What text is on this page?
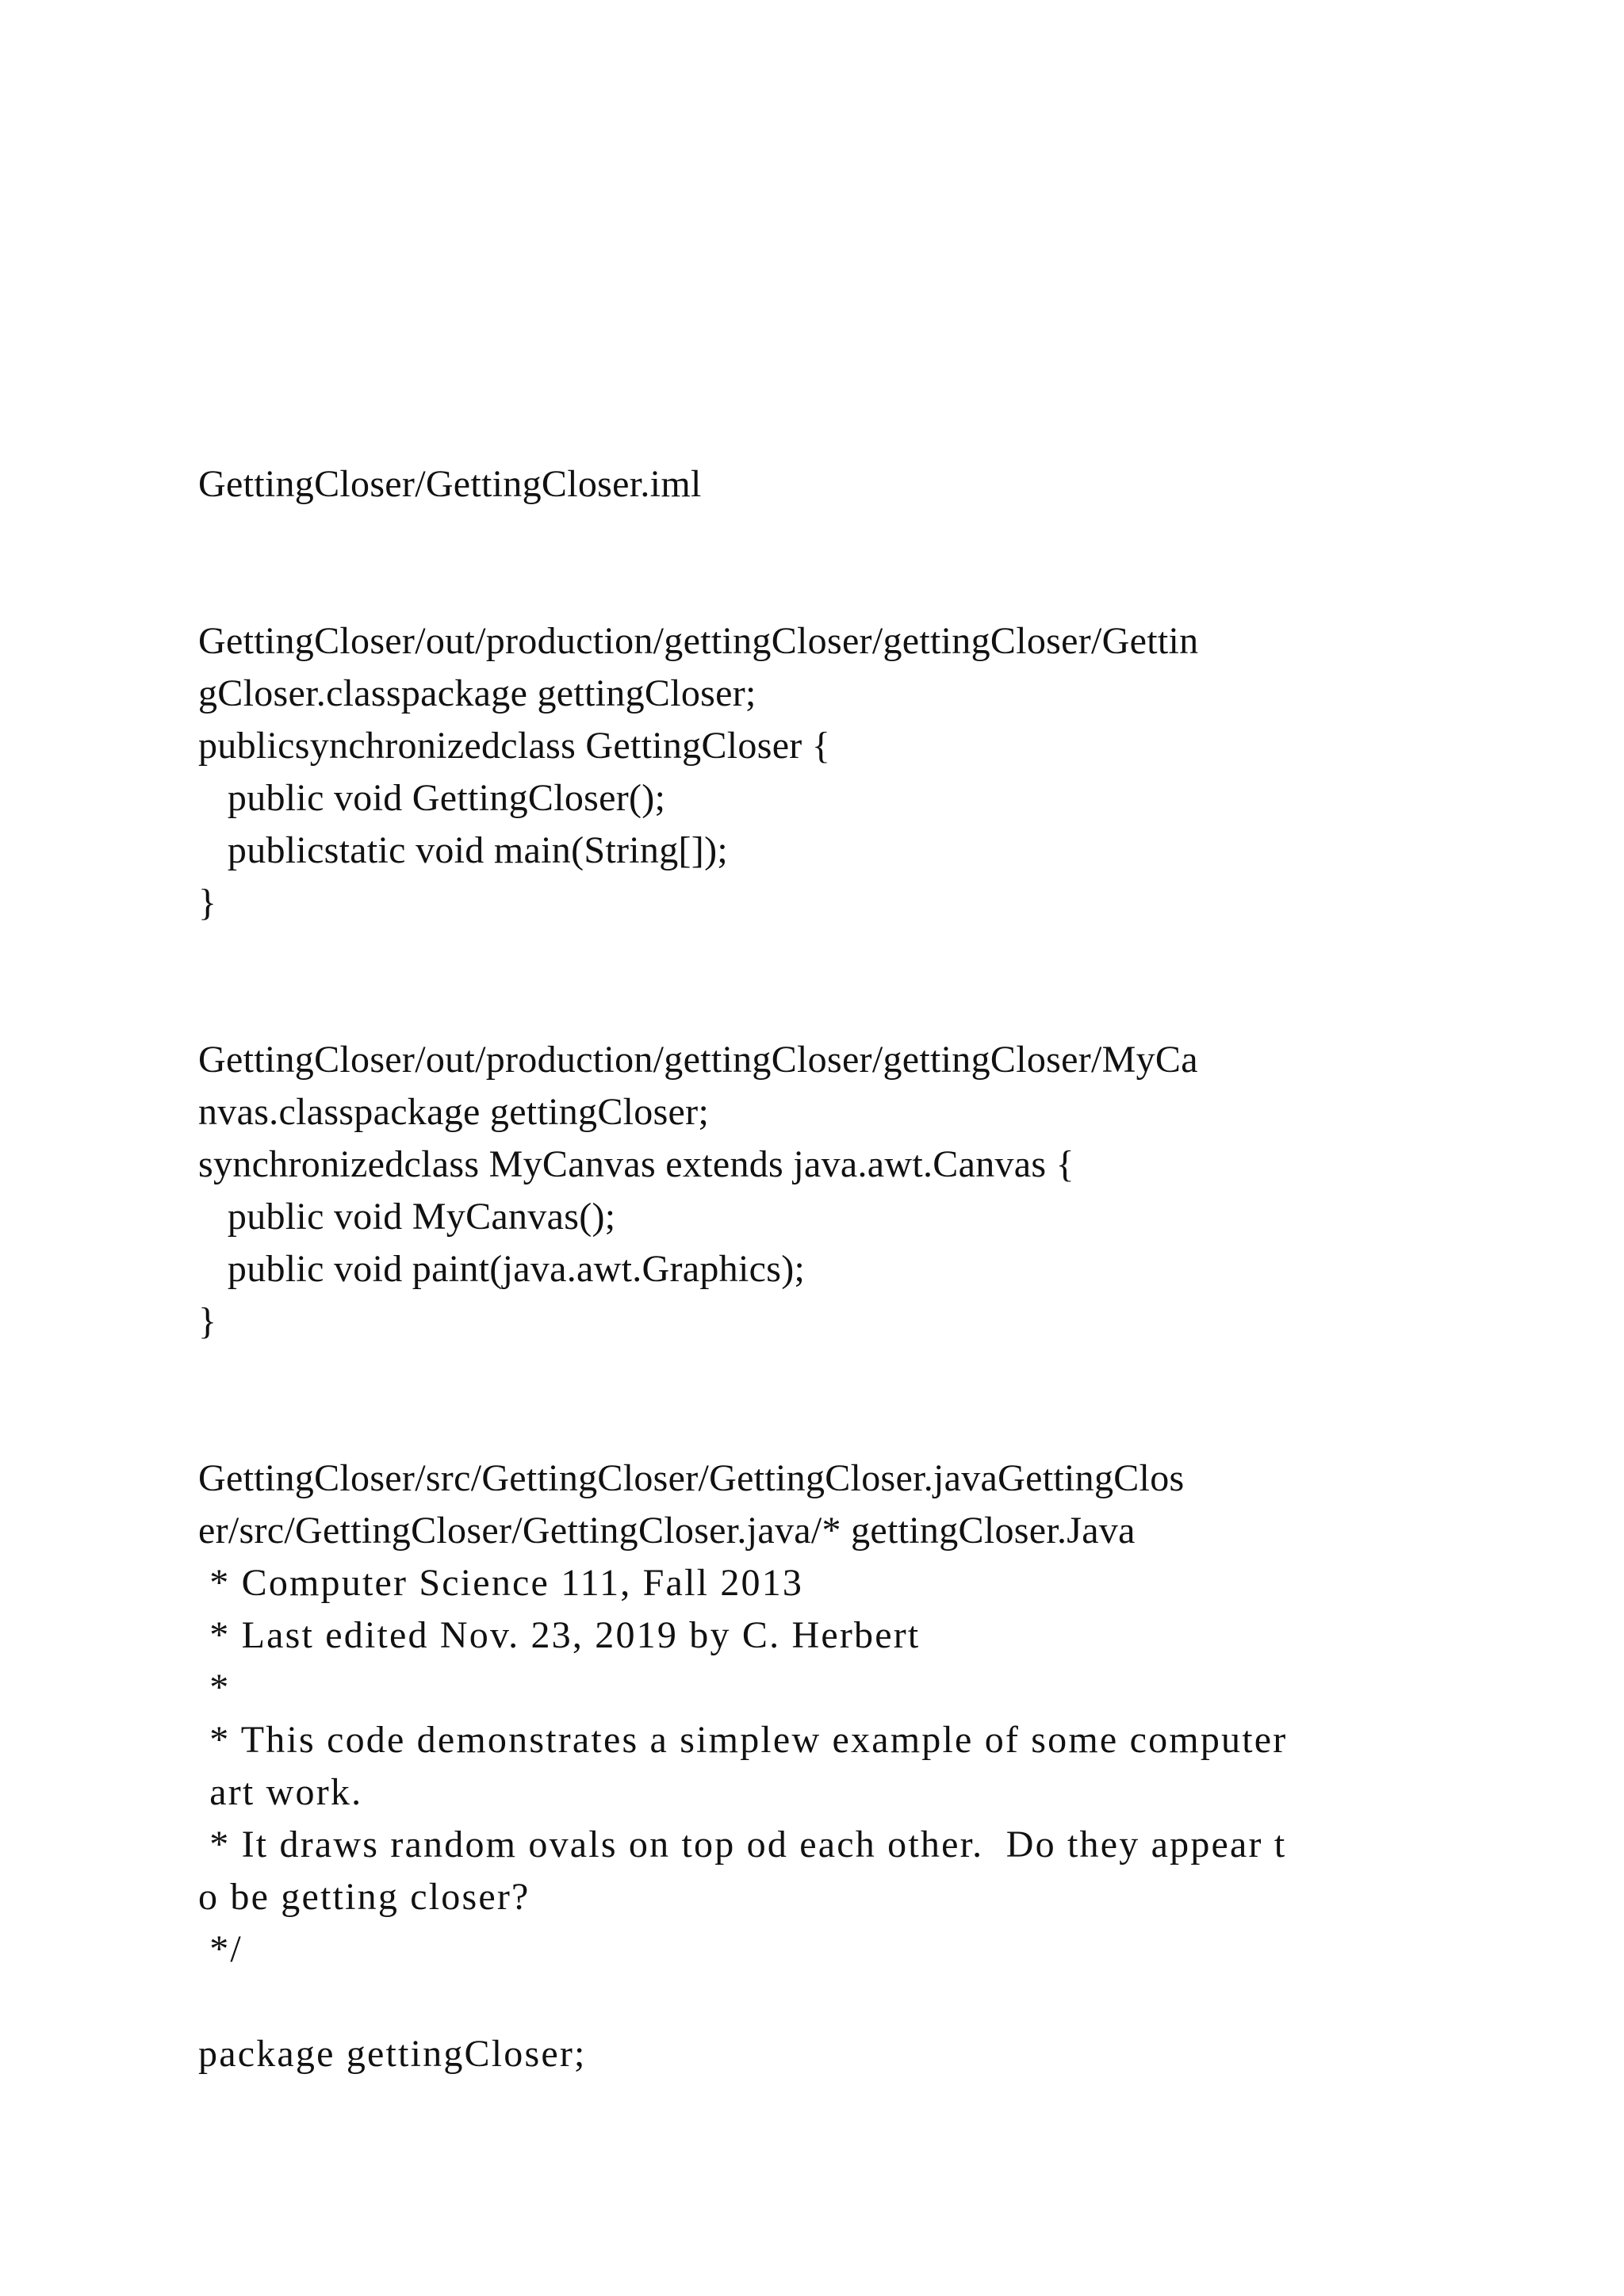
GettingCloser/GettingCloser.iml
GettingCloser/out/production/gettingCloser/gettingCloser/Gettin
gCloser.classpackage gettingCloser;
publicsynchronizedclass GettingCloser {
public void GettingCloser();
publicstatic void main(String[]);
}
GettingCloser/out/production/gettingCloser/gettingCloser/MyCa
nvas.classpackage gettingCloser;
synchronizedclass MyCanvas extends java.awt.Canvas {
public void MyCanvas();
public void paint(java.awt.Graphics);
}
GettingCloser/src/GettingCloser/GettingCloser.javaGettingClos
er/src/GettingCloser/GettingCloser.java/* gettingCloser.Java
* Computer Science 111, Fall 2013
* Last edited Nov. 23, 2019 by C. Herbert
*
* This code demonstrates a simplew example of some computer
art work.
* It draws random ovals on top od each other.  Do they appear t
o be getting closer?
*/
package gettingCloser;
